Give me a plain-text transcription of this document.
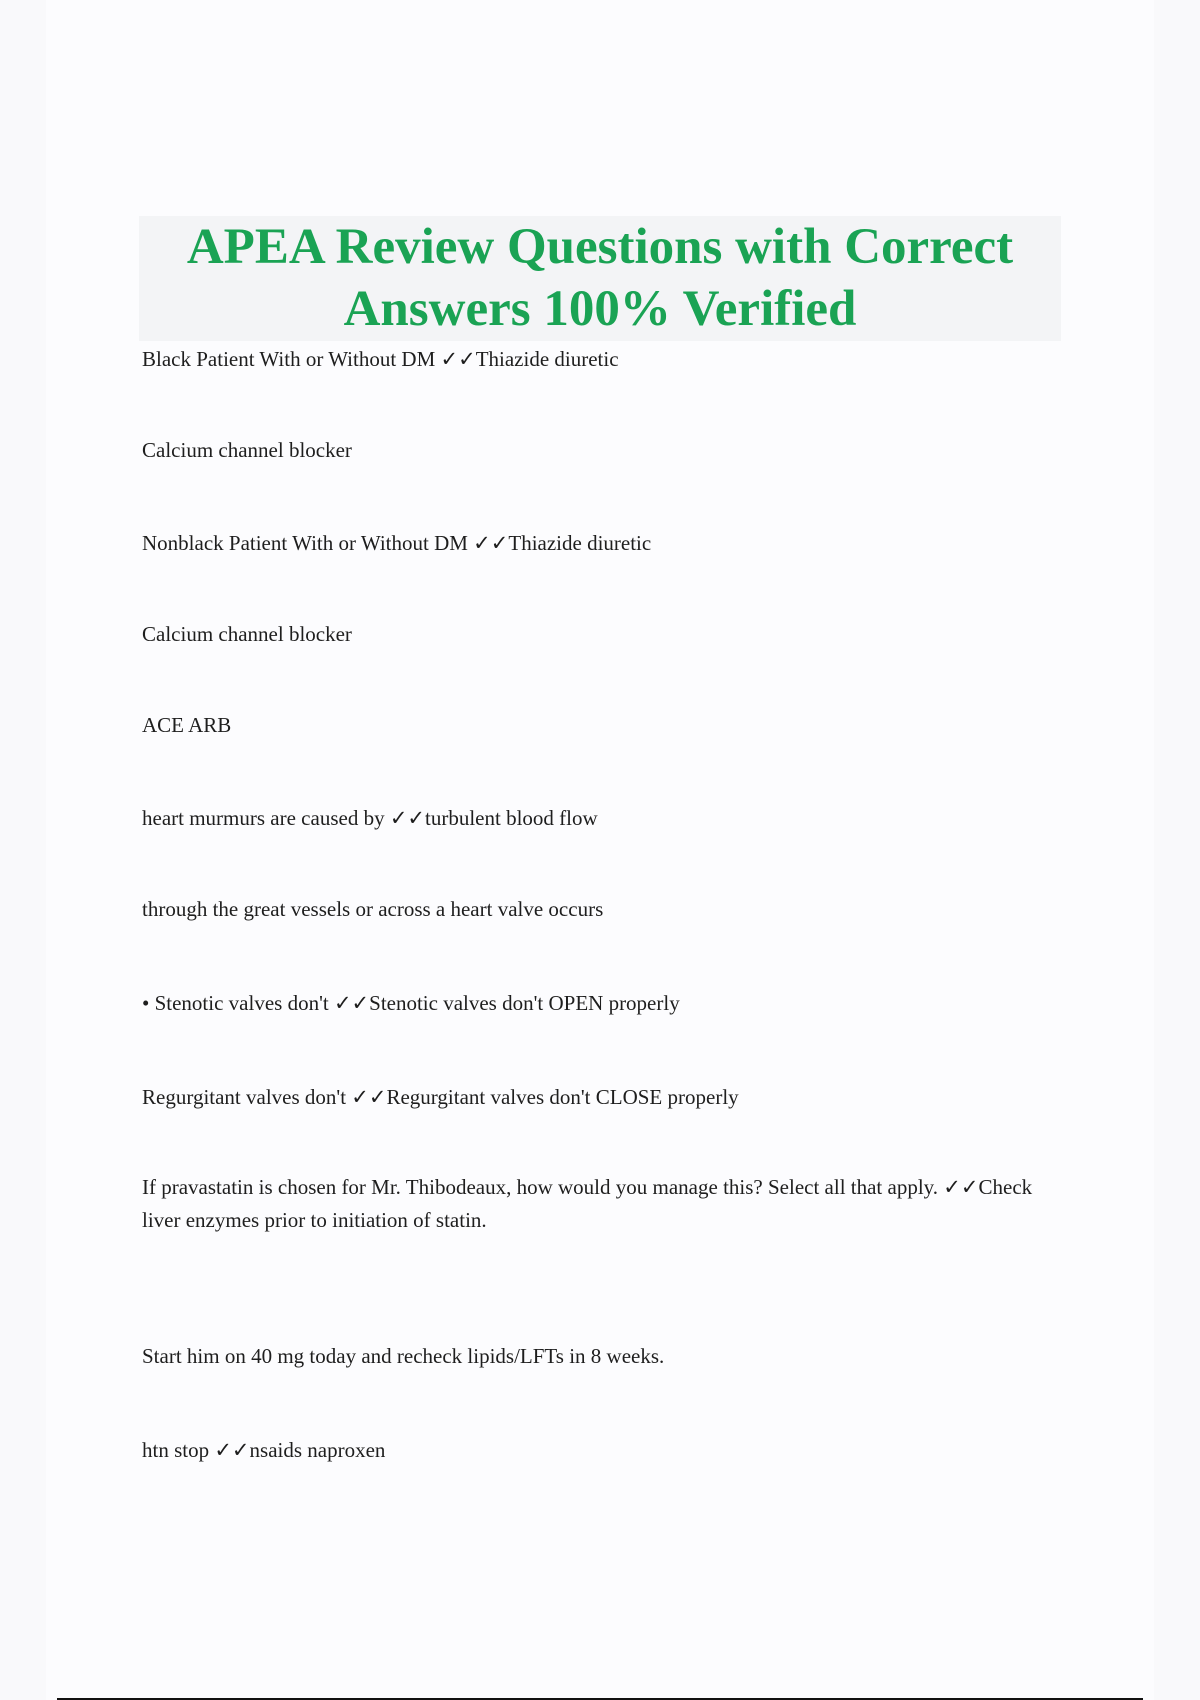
APEA Review Questions with Correct Answers 100% Verified

Black Patient With or Without DM ✓✓Thiazide diuretic

Calcium channel blocker

Nonblack Patient With or Without DM ✓✓Thiazide diuretic

Calcium channel blocker

ACE ARB

heart murmurs are caused by ✓✓turbulent blood flow

through the great vessels or across a heart valve occurs

• Stenotic valves don't ✓✓Stenotic valves don't OPEN properly

Regurgitant valves don't ✓✓Regurgitant valves don't CLOSE properly

If pravastatin is chosen for Mr. Thibodeaux, how would you manage this? Select all that apply. ✓✓Check liver enzymes prior to initiation of statin.

Start him on 40 mg today and recheck lipids/LFTs in 8 weeks.

htn stop ✓✓nsaids naproxen
